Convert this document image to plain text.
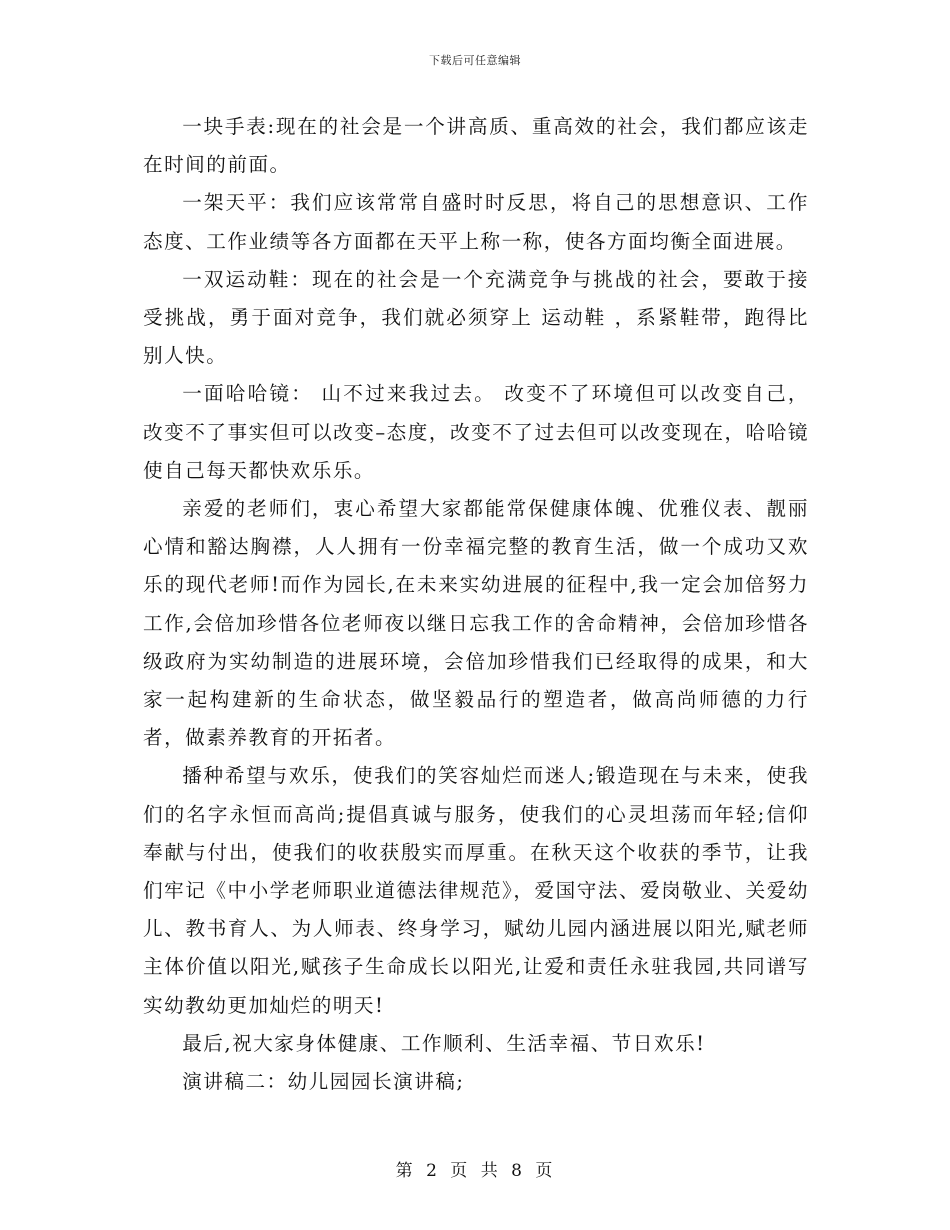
下载后可任意编辑

一块手表:现在的社会是一个讲高质、重高效的社会，我们都应该走在时间的前面。

一架天平：我们应该常常自盛时时反思，将自己的思想意识、工作态度、工作业绩等各方面都在天平上称一称，使各方面均衡全面进展。

一双运动鞋：现在的社会是一个充满竞争与挑战的社会，要敢于接受挑战，勇于面对竞争，我们就必须穿上 运动鞋 ，系紧鞋带，跑得比别人快。

一面哈哈镜： 山不过来我过去。 改变不了环境但可以改变自己，改变不了事实但可以改变–态度，改变不了过去但可以改变现在，哈哈镜 使自己每天都快欢乐乐。

亲爱的老师们，衷心希望大家都能常保健康体魄、优雅仪表、靓丽心情和豁达胸襟，人人拥有一份幸福完整的教育生活，做一个成功又欢乐的现代老师!而作为园长,在未来实幼进展的征程中,我一定会加倍努力工作,会倍加珍惜各位老师夜以继日忘我工作的舍命精神，会倍加珍惜各级政府为实幼制造的进展环境，会倍加珍惜我们已经取得的成果，和大家一起构建新的生命状态，做坚毅品行的塑造者，做高尚师德的力行者，做素养教育的开拓者。

播种希望与欢乐，使我们的笑容灿烂而迷人;锻造现在与未来，使我们的名字永恒而高尚;提倡真诚与服务，使我们的心灵坦荡而年轻;信仰奉献与付出，使我们的收获殷实而厚重。在秋天这个收获的季节，让我们牢记《中小学老师职业道德法律规范》，爱国守法、爱岗敬业、关爱幼儿、教书育人、为人师表、终身学习，赋幼儿园内涵进展以阳光,赋老师主体价值以阳光,赋孩子生命成长以阳光,让爱和责任永驻我园,共同谱写实幼教幼更加灿烂的明天!

最后,祝大家身体健康、工作顺利、生活幸福、节日欢乐!

演讲稿二：幼儿园园长演讲稿;

第 2 页 共 8 页
